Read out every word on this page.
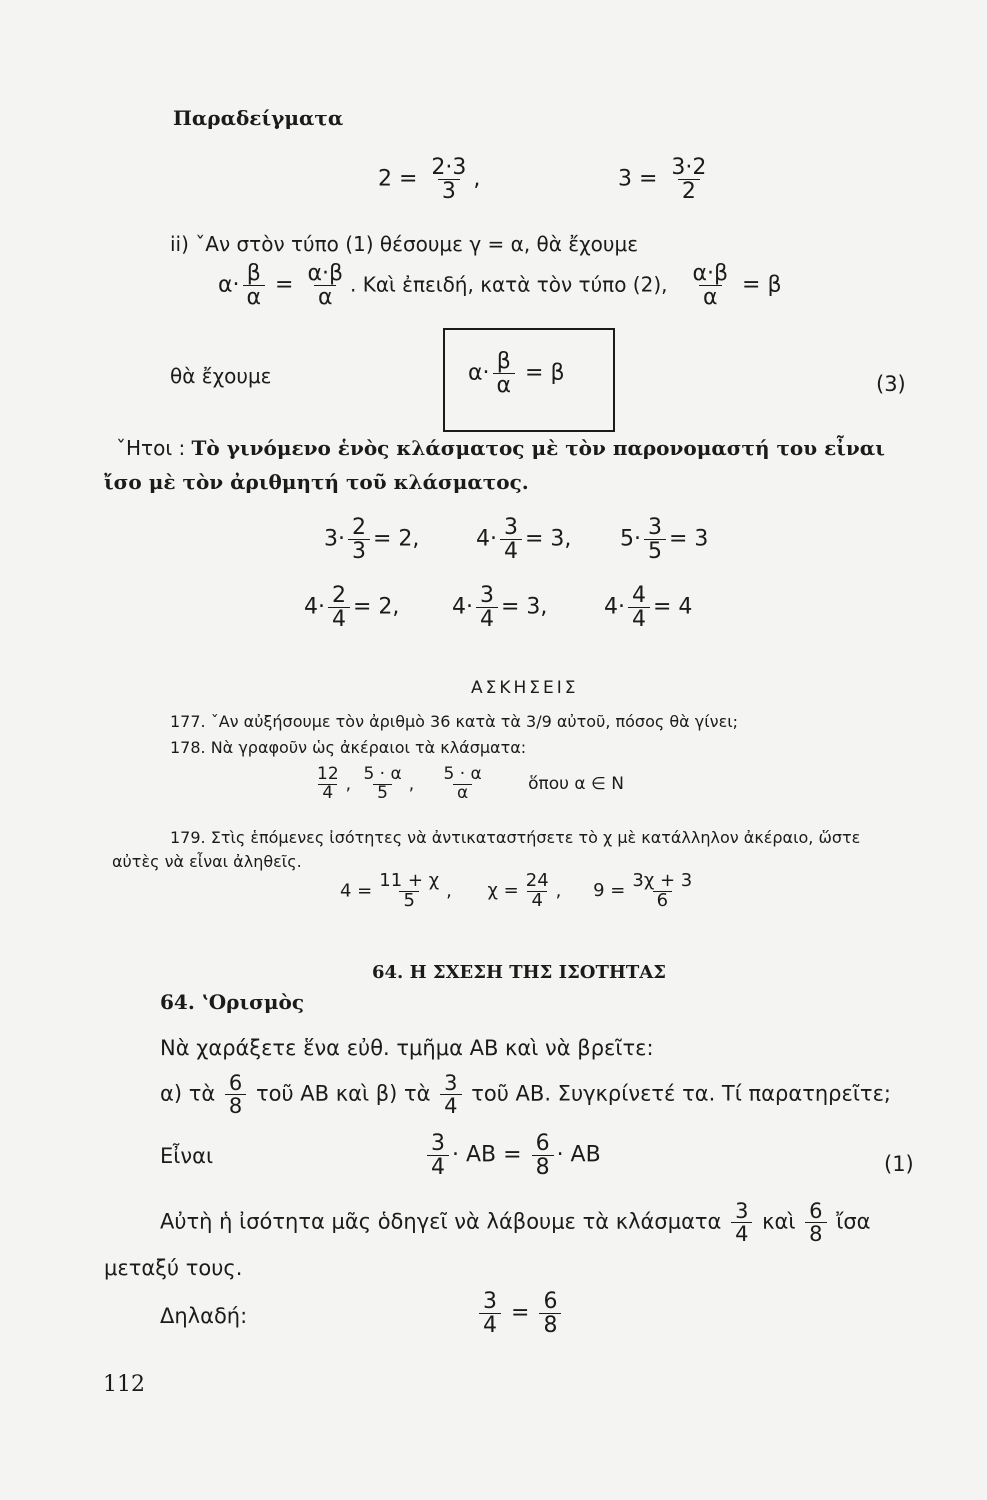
Παραδείγματα
$2 = \frac{2\cdot 3}{3}$ ,	$3 = \frac{3\cdot 2}{2}$
ii) ˇΑν στὸν τύπο (1) θέσουμε γ = α, θὰ ἔχουμε
$\alpha\cdot \frac{\beta}{\alpha} = \frac{\alpha\cdot\beta}{\alpha}$ . Καὶ ἐπειδή, κατὰ τὸν τύπο (2), $\frac{\alpha\cdot\beta}{\alpha} = \beta$
θὰ ἔχουμε	$\alpha\cdot \frac{\beta}{\alpha} = \beta$	(3)
ˇΗτοι : Τὸ γινόμενο ἑνὸς κλάσματος μὲ τὸν παρονομαστή του εἶναι
ἴσο μὲ τὸν ἀριθμητή τοῦ κλάσματος.
$3\cdot \frac{2}{3} = 2$,	$4\cdot \frac{3}{4} = 3$, $5\cdot \frac{3}{5} = 3$
$4\cdot \frac{2}{4} = 2$, $4\cdot \frac{3}{4} = 3$,	$4\cdot \frac{4}{4} = 4$
ΑΣΚΗΣΕΙΣ
177. ˇΑν αὐξήσουμε τὸν ἀριθμὸ 36 κατὰ τὰ 3/9 αὐτοῦ, πόσος θὰ γίνει;
178. Νὰ γραφοῦν ὡς ἀκέραιοι τὰ κλάσματα:
$\frac{12}{4}$ , $\frac{5 \cdot \alpha}{5}$ , $\frac{5 \cdot \alpha}{\alpha}$ ὅπου α ∈ N
179. Στὶς ἑπόμενες ἰσότητες νὰ ἀντικαταστήσετε τὸ χ μὲ κατάλληλον ἀκέραιο, ὥστε
αὐτὲς νὰ εἶναι ἀληθεῖς.
$4 = \frac{11 + \chi}{5}$ , $\chi = \frac{24}{4}$ , $9 = \frac{3\chi + 3}{6}$
64. Η ΣΧΕΣΗ ΤΗΣ ΙΣΟΤΗΤΑΣ
64. ʽΟρισμὸς
Νὰ χαράξετε ἕνα εὐθ. τμῆμα ΑΒ καὶ νὰ βρεῖτε:
α) τὰ $\frac{6}{8}$ τοῦ ΑΒ καὶ β) τὰ $\frac{3}{4}$ τοῦ ΑΒ. Συγκρίνετέ τα. Τί παρατηρεῖτε;
Εἶναι	$\frac{3}{4} \cdot AB = \frac{6}{8} \cdot AB$	(1)
Αὐτὴ ἡ ἰσότητα μᾶς ὁδηγεῖ νὰ λάβουμε τὰ κλάσματα $\frac{3}{4}$ καὶ $\frac{6}{8}$ ἴσα
μεταξύ τους.
Δηλαδή:	$\frac{3}{4} = \frac{6}{8}$
112
